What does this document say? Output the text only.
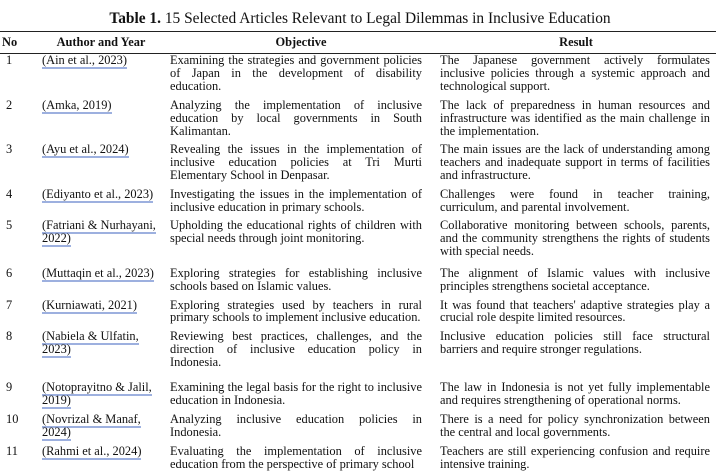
Table 1. 15 Selected Articles Relevant to Legal Dilemmas in Inclusive Education
No	Author and Year	Objective	Result
1	(Ain et al., 2023)	Examining the strategies and government policies of Japan in the development of disability education.	The Japanese government actively formulates inclusive policies through a systemic approach and technological support.
2	(Amka, 2019)	Analyzing the implementation of inclusive education by local governments in South Kalimantan.	The lack of preparedness in human resources and infrastructure was identified as the main challenge in the implementation.
3	(Ayu et al., 2024)	Revealing the issues in the implementation of inclusive education policies at Tri Murti Elementary School in Denpasar.	The main issues are the lack of understanding among teachers and inadequate support in terms of facilities and infrastructure.
4	(Ediyanto et al., 2023)	Investigating the issues in the implementation of inclusive education in primary schools.	Challenges were found in teacher training, curriculum, and parental involvement.
5	(Fatriani & Nurhayani, 2022)	Upholding the educational rights of children with special needs through joint monitoring.	Collaborative monitoring between schools, parents, and the community strengthens the rights of students with special needs.
6	(Muttaqin et al., 2023)	Exploring strategies for establishing inclusive schools based on Islamic values.	The alignment of Islamic values with inclusive principles strengthens societal acceptance.
7	(Kurniawati, 2021)	Exploring strategies used by teachers in rural primary schools to implement inclusive education.	It was found that teachers' adaptive strategies play a crucial role despite limited resources.
8	(Nabiela & Ulfatin, 2023)	Reviewing best practices, challenges, and the direction of inclusive education policy in Indonesia.	Inclusive education policies still face structural barriers and require stronger regulations.
9	(Notoprayitno & Jalil, 2019)	Examining the legal basis for the right to inclusive education in Indonesia.	The law in Indonesia is not yet fully implementable and requires strengthening of operational norms.
10	(Novrizal & Manaf, 2024)	Analyzing inclusive education policies in Indonesia.	There is a need for policy synchronization between the central and local governments.
11	(Rahmi et al., 2024)	Evaluating the implementation of inclusive education from the perspective of primary school	Teachers are still experiencing confusion and require intensive training.
